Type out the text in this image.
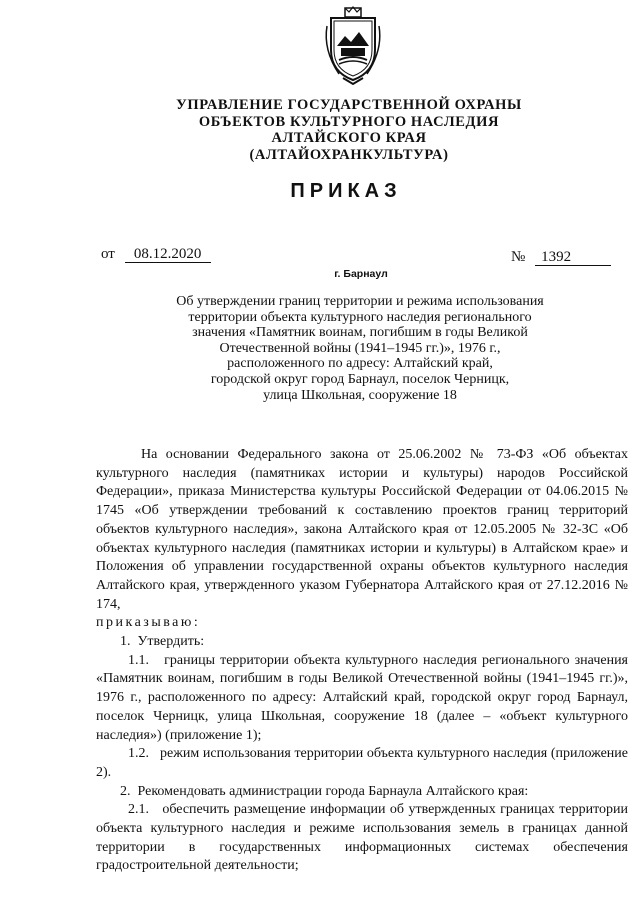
УПРАВЛЕНИЕ ГОСУДАРСТВЕННОЙ ОХРАНЫ
ОБЪЕКТОВ КУЛЬТУРНОГО НАСЛЕДИЯ
АЛТАЙСКОГО КРАЯ
(АЛТАЙОХРАНКУЛЬТУРА)
ПРИКАЗ
от 08.12.2020	№ 1392
г. Барнаул
Об утверждении границ территории и режима использования
территории объекта культурного наследия регионального
значения «Памятник воинам, погибшим в годы Великой
Отечественной войны (1941–1945 гг.)», 1976 г.,
расположенного по адресу: Алтайский край,
городской округ город Барнаул, поселок Черницк,
улица Школьная, сооружение 18

На основании Федерального закона от 25.06.2002 № 73-ФЗ «Об объектах культурного наследия (памятниках истории и культуры) народов Российской Федерации», приказа Министерства культуры Российской Федерации от 04.06.2015 № 1745 «Об утверждении требований к составлению проектов границ территорий объектов культурного наследия», закона Алтайского края от 12.05.2005 № 32-ЗС «Об объектах культурного наследия (памятниках истории и культуры) в Алтайском крае» и Положения об управлении государственной охраны объектов культурного наследия Алтайского края, утвержденного указом Губернатора Алтайского края от 27.12.2016 № 174,

приказываю:

1.  Утвердить:

1.1.   границы территории объекта культурного наследия регионального значения «Памятник воинам, погибшим в годы Великой Отечественной войны (1941–1945 гг.)», 1976 г., расположенного по адресу: Алтайский край, городской округ город Барнаул, поселок Черницк, улица Школьная, сооружение 18 (далее – «объект культурного наследия») (приложение 1);

1.2.   режим использования территории объекта культурного наследия (приложение 2).

2.  Рекомендовать администрации города Барнаула Алтайского края:

2.1.   обеспечить размещение информации об утвержденных границах территории объекта культурного наследия и режиме использования земель в границах данной территории в государственных информационных системах обеспечения градостроительной деятельности;
